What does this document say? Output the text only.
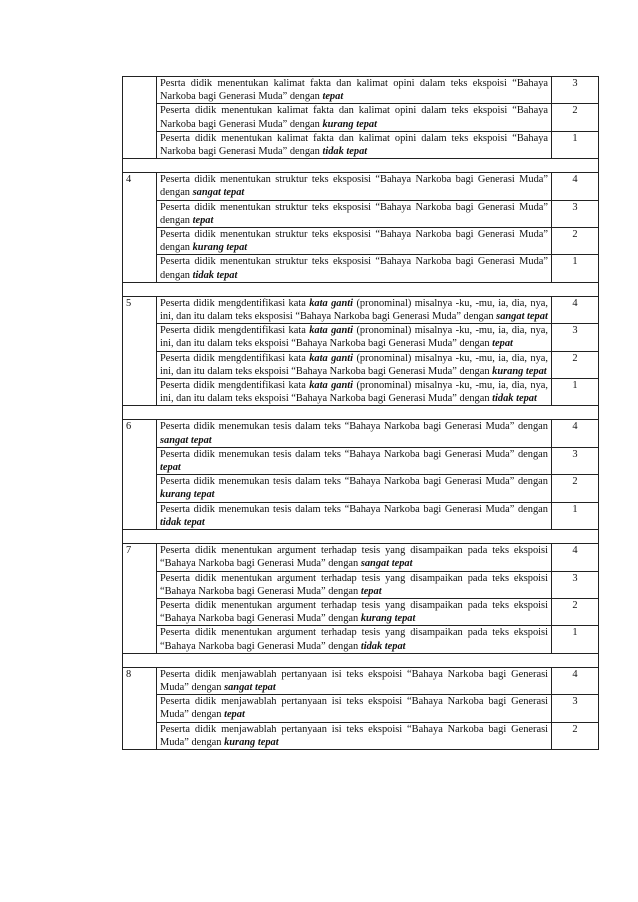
	Pesrta didik menentukan kalimat fakta dan kalimat opini dalam teks ekspoisi “Bahaya Narkoba bagi Generasi Muda” dengan tepat	3
	Peserta didik menentukan kalimat fakta dan kalimat opini dalam teks ekspoisi “Bahaya Narkoba bagi Generasi Muda” dengan kurang tepat	2
	Peserta didik menentukan kalimat fakta dan kalimat opini dalam teks ekspoisi “Bahaya Narkoba bagi Generasi Muda” dengan tidak tepat	1

4	Peserta didik menentukan struktur teks eksposisi “Bahaya Narkoba bagi Generasi Muda” dengan sangat tepat	4
	Peserta didik menentukan struktur teks eksposisi “Bahaya Narkoba bagi Generasi Muda” dengan tepat	3
	Peserta didik menentukan struktur teks eksposisi “Bahaya Narkoba bagi Generasi Muda” dengan kurang tepat	2
	Peserta didik menentukan struktur teks eksposisi “Bahaya Narkoba bagi Generasi Muda” dengan tidak tepat	1

5	Peserta didik mengdentifikasi kata kata ganti (pronominal) misalnya -ku, -mu, ia, dia, nya, ini, dan itu dalam teks eksposisi “Bahaya Narkoba bagi Generasi Muda” dengan sangat tepat	4
	Peserta didik mengdentifikasi kata kata ganti (pronominal) misalnya -ku, -mu, ia, dia, nya, ini, dan itu dalam teks ekspoisi “Bahaya Narkoba bagi Generasi Muda” dengan tepat	3
	Peserta didik mengdentifikasi kata kata ganti (pronominal) misalnya -ku, -mu, ia, dia, nya, ini, dan itu dalam teks ekspoisi “Bahaya Narkoba bagi Generasi Muda” dengan kurang tepat	2
	Peserta didik mengdentifikasi kata kata ganti (pronominal) misalnya -ku, -mu, ia, dia, nya, ini, dan itu dalam teks ekspoisi “Bahaya Narkoba bagi Generasi Muda” dengan tidak tepat	1

6	Peserta didik menemukan tesis dalam teks “Bahaya Narkoba bagi Generasi Muda” dengan sangat tepat	4
	Peserta didik menemukan tesis dalam teks “Bahaya Narkoba bagi Generasi Muda” dengan tepat	3
	Peserta didik menemukan tesis dalam teks “Bahaya Narkoba bagi Generasi Muda” dengan kurang tepat	2
	Peserta didik menemukan tesis dalam teks “Bahaya Narkoba bagi Generasi Muda” dengan tidak tepat	1

7	Peserta didik menentukan argument terhadap tesis yang disampaikan pada teks ekspoisi “Bahaya Narkoba bagi Generasi Muda” dengan sangat tepat	4
	Peserta didik menentukan argument terhadap tesis yang disampaikan pada teks ekspoisi “Bahaya Narkoba bagi Generasi Muda” dengan tepat	3
	Peserta didik menentukan argument terhadap tesis yang disampaikan pada teks ekspoisi “Bahaya Narkoba bagi Generasi Muda” dengan kurang tepat	2
	Peserta didik menentukan argument terhadap tesis yang disampaikan pada teks ekspoisi “Bahaya Narkoba bagi Generasi Muda” dengan tidak tepat	1

8	Peserta didik menjawablah pertanyaan isi teks ekspoisi “Bahaya Narkoba bagi Generasi Muda” dengan sangat tepat	4
	Peserta didik menjawablah pertanyaan isi teks ekspoisi “Bahaya Narkoba bagi Generasi Muda” dengan tepat	3
	Peserta didik menjawablah pertanyaan isi teks ekspoisi “Bahaya Narkoba bagi Generasi Muda” dengan kurang tepat	2
